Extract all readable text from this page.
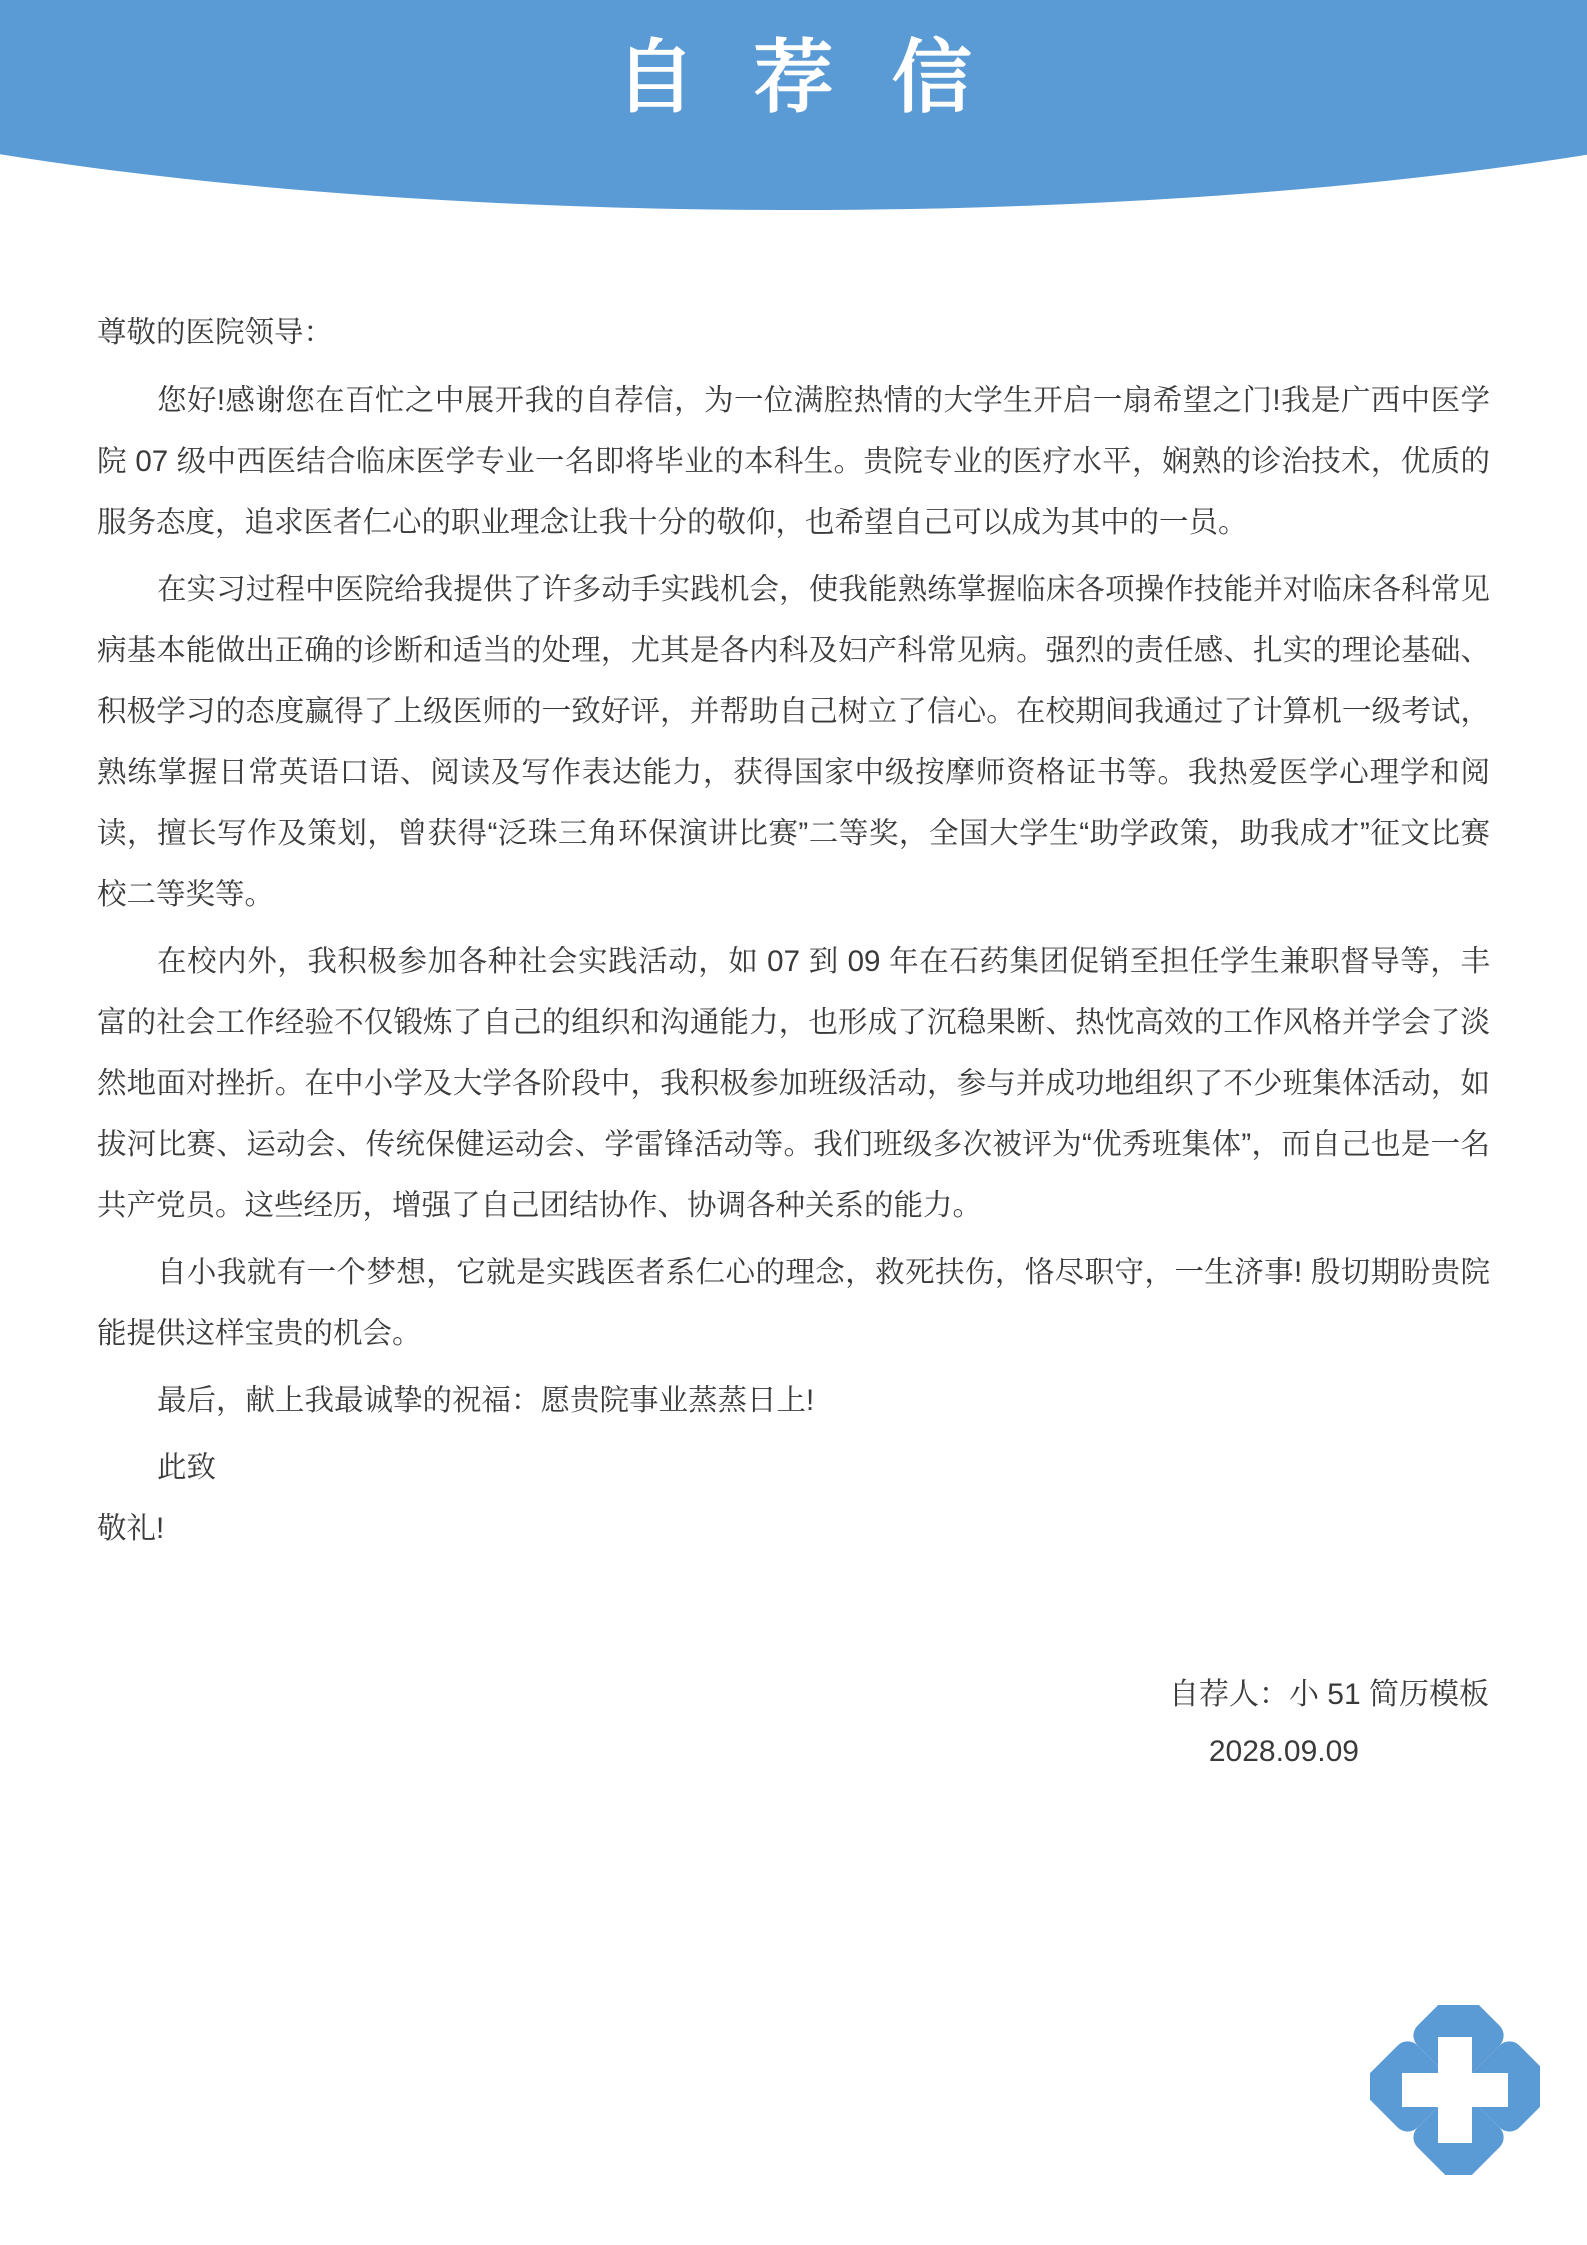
自 荐 信

尊敬的医院领导：

您好!感谢您在百忙之中展开我的自荐信，为一位满腔热情的大学生开启一扇希望之门!我是广西中医学院 07 级中西医结合临床医学专业一名即将毕业的本科生。贵院专业的医疗水平，娴熟的诊治技术，优质的服务态度，追求医者仁心的职业理念让我十分的敬仰，也希望自己可以成为其中的一员。

在实习过程中医院给我提供了许多动手实践机会，使我能熟练掌握临床各项操作技能并对临床各科常见病基本能做出正确的诊断和适当的处理，尤其是各内科及妇产科常见病。强烈的责任感、扎实的理论基础、积极学习的态度赢得了上级医师的一致好评，并帮助自己树立了信心。在校期间我通过了计算机一级考试，熟练掌握日常英语口语、阅读及写作表达能力，获得国家中级按摩师资格证书等。我热爱医学心理学和阅读，擅长写作及策划，曾获得“泛珠三角环保演讲比赛”二等奖，全国大学生“助学政策，助我成才”征文比赛校二等奖等。

在校内外，我积极参加各种社会实践活动，如 07 到 09 年在石药集团促销至担任学生兼职督导等，丰富的社会工作经验不仅锻炼了自己的组织和沟通能力，也形成了沉稳果断、热忱高效的工作风格并学会了淡然地面对挫折。在中小学及大学各阶段中，我积极参加班级活动，参与并成功地组织了不少班集体活动，如拔河比赛、运动会、传统保健运动会、学雷锋活动等。我们班级多次被评为“优秀班集体”，而自己也是一名共产党员。这些经历，增强了自己团结协作、协调各种关系的能力。

自小我就有一个梦想，它就是实践医者系仁心的理念，救死扶伤，恪尽职守，一生济事! 殷切期盼贵院能提供这样宝贵的机会。

最后，献上我最诚挚的祝福：愿贵院事业蒸蒸日上!

此致

敬礼!

自荐人：小 51 简历模板

2028.09.09
